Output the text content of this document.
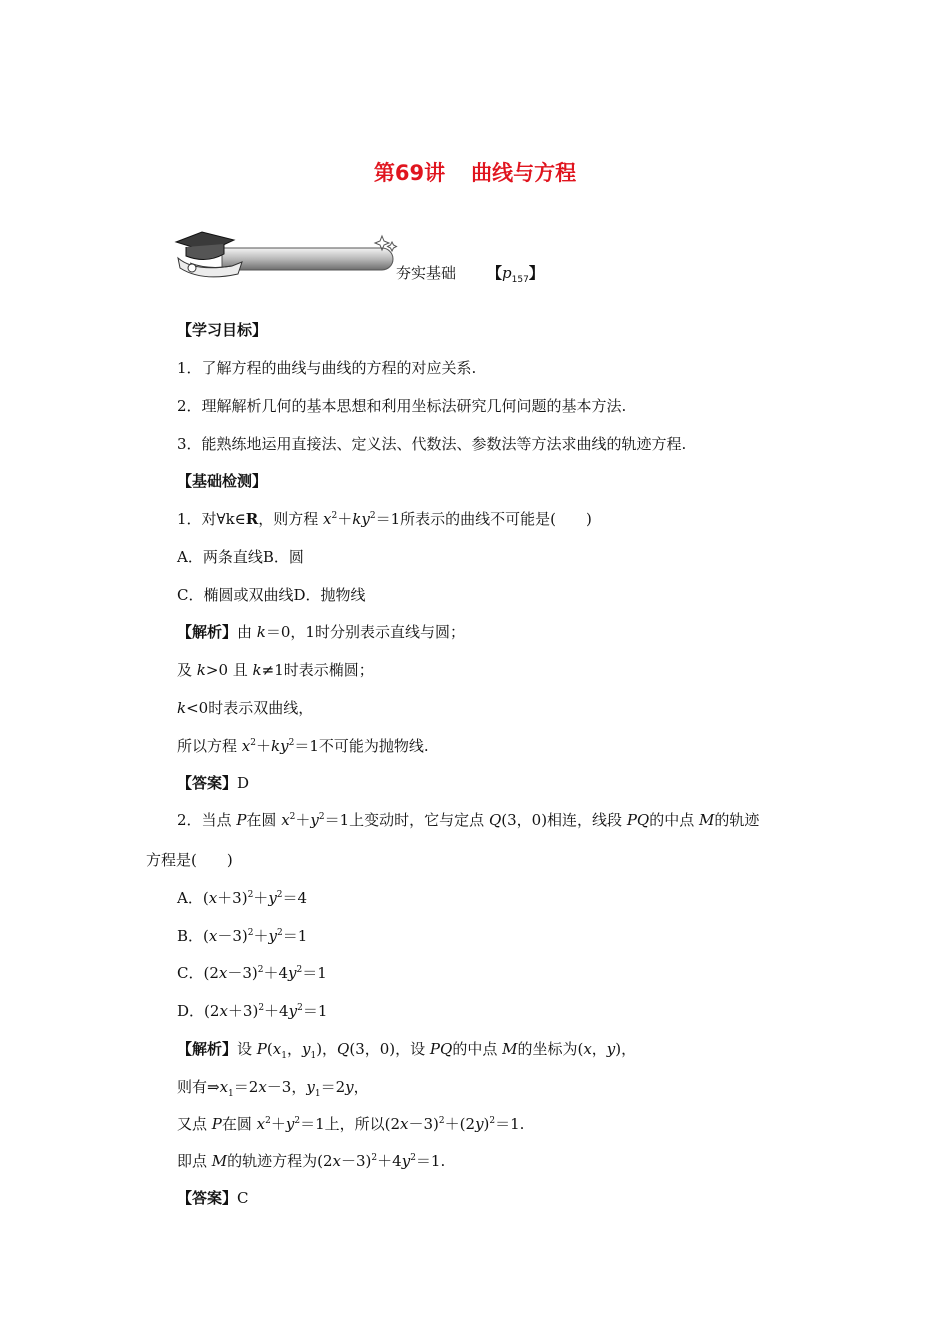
第69讲 曲线与方程
夯实基础 【$p_{157}$】
【学习目标】
1．了解方程的曲线与曲线的方程的对应关系.
2．理解解析几何的基本思想和利用坐标法研究几何问题的基本方法.
3．能熟练地运用直接法、定义法、代数法、参数法等方法求曲线的轨迹方程.
【基础检测】
1．对∀k∈R，则方程 $x^2+ky^2=1$所表示的曲线不可能是(　　)
A．两条直线B．圆
C．椭圆或双曲线D．抛物线
【解析】由 k＝0，1时分别表示直线与圆；
及 k>0 且 k≠1时表示椭圆；
k<0时表示双曲线，
所以方程 $x^2+ky^2=1$不可能为抛物线.
【答案】D
2．当点 P在圆 $x^2+y^2=1$上变动时，它与定点 Q(3，0)相连，线段 PQ的中点 M的轨迹
方程是(　　)
A．$(x+3)^2+y^2=4$
B．$(x-3)^2+y^2=1$
C．$(2x-3)^2+4y^2=1$
D．$(2x+3)^2+4y^2=1$
【解析】设 $P(x_1$，$y_1$)，Q(3，0)，设 PQ的中点 M的坐标为(x，y)，
则有$\Rightarrow x_1=2x-3$，$y_1=2y$，
又点 P在圆 $x^2+y^2=1$上，所以$(2x-3)^2+(2y)^2=1$.
即点 M的轨迹方程为$(2x-3)^2+4y^2=1$.
【答案】C
